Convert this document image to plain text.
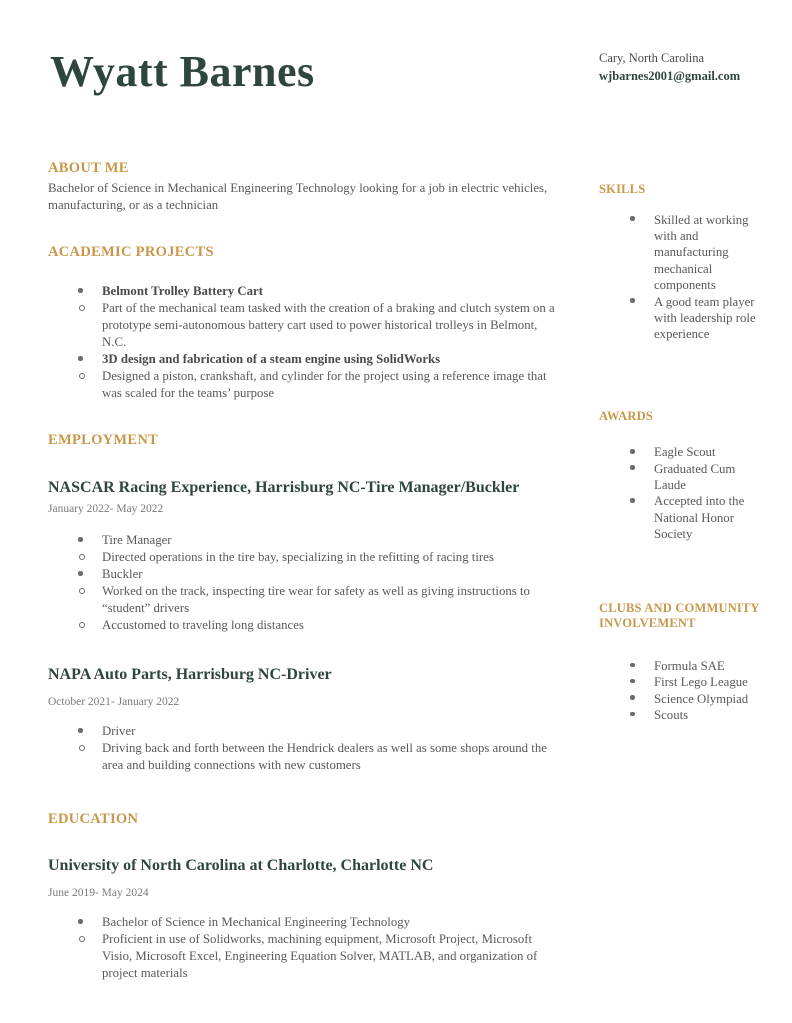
Wyatt Barnes	Cary, North Carolina
wjbarnes2001@gmail.com
ABOUT ME

Bachelor of Science in Mechanical Engineering Technology looking for a job in electric vehicles, manufacturing, or as a technician

ACADEMIC PROJECTS
Belmont Trolley Battery Cart
Part of the mechanical team tasked with the creation of a braking and clutch system on a prototype semi-autonomous battery cart used to power historical trolleys in Belmont, N.C.
3D design and fabrication of a steam engine using SolidWorks
Designed a piston, crankshaft, and cylinder for the project using a reference image that was scaled for the teams’ purpose
EMPLOYMENT
NASCAR Racing Experience, Harrisburg NC-Tire Manager/Buckler
January 2022- May 2022
Tire Manager
Directed operations in the tire bay, specializing in the refitting of racing tires
Buckler
Worked on the track, inspecting tire wear for safety as well as giving instructions to “student” drivers
Accustomed to traveling long distances
NAPA Auto Parts, Harrisburg NC-Driver
October 2021- January 2022
Driver
Driving back and forth between the Hendrick dealers as well as some shops around the area and building connections with new customers
EDUCATION
University of North Carolina at Charlotte, Charlotte NC
June 2019- May 2024
Bachelor of Science in Mechanical Engineering Technology
Proficient in use of Solidworks, machining equipment, Microsoft Project, Microsoft Visio, Microsoft Excel, Engineering Equation Solver, MATLAB, and organization of project materials
SKILLS
Skilled at working with and manufacturing mechanical components
A good team player with leadership role experience
AWARDS
Eagle Scout
Graduated Cum Laude
Accepted into the National Honor Society
CLUBS AND COMMUNITY INVOLVEMENT
Formula SAE
First Lego League
Science Olympiad
Scouts
